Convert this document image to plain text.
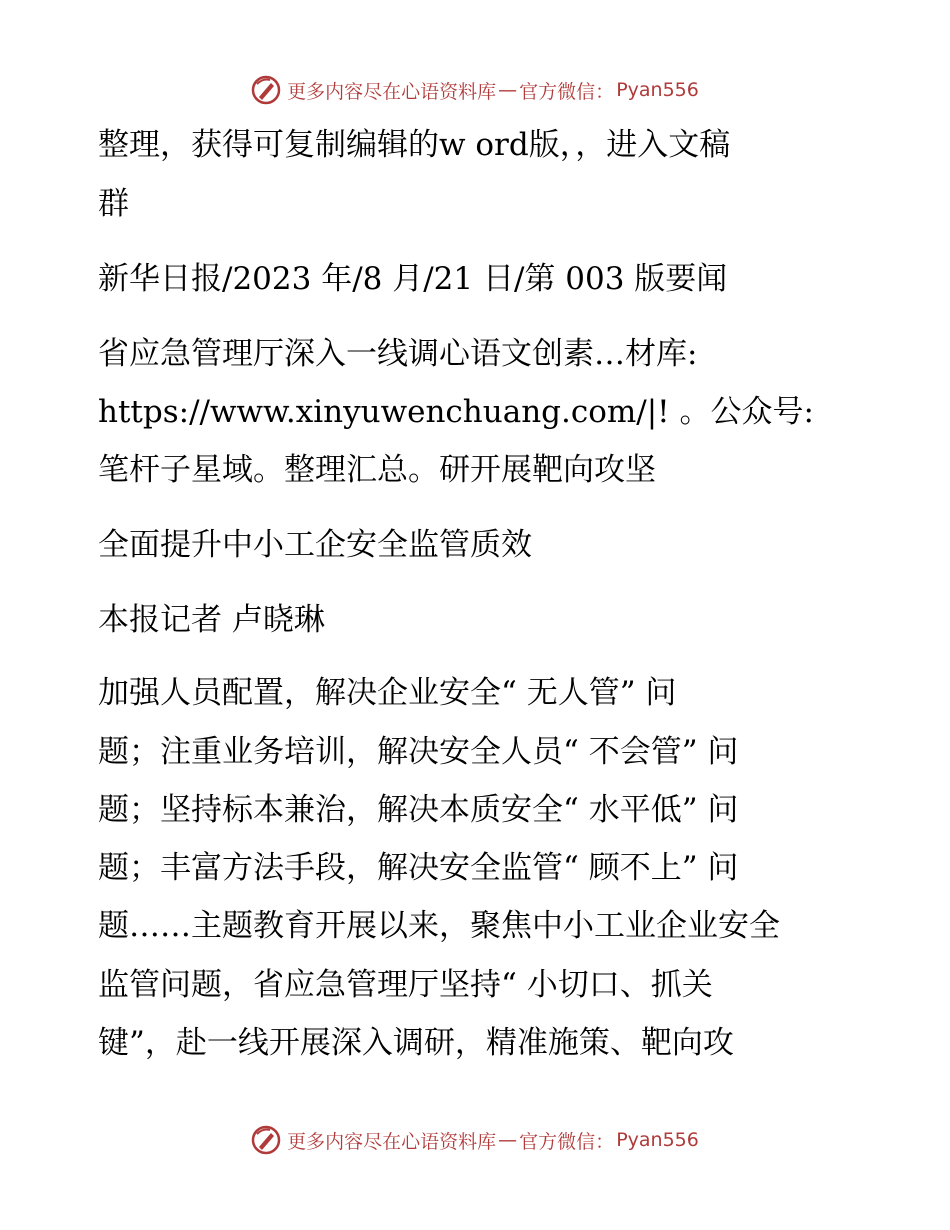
更多内容尽在心语资料库 — 官方微信： Pyan556
整理，获得可复制编辑的w ord版，，进入文稿
群
新华日报/2023 年/8 月/21 日/第 003 版要闻
省应急管理厅深入一线调心语文创素…材库:
https://www.xinyuwenchuang.com/|! 。公众号:
笔杆子星域。整理汇总。研开展靶向攻坚
全面提升中小工企安全监管质效
本报记者 卢晓琳
加强人员配置，解决企业安全“ 无人管” 问
题；注重业务培训，解决安全人员“ 不会管” 问
题；坚持标本兼治，解决本质安全“ 水平低” 问
题；丰富方法手段，解决安全监管“ 顾不上” 问
题……主题教育开展以来，聚焦中小工业企业安全
监管问题，省应急管理厅坚持“ 小切口、抓关
键”，赴一线开展深入调研，精准施策、靶向攻
更多内容尽在心语资料库 — 官方微信： Pyan556
